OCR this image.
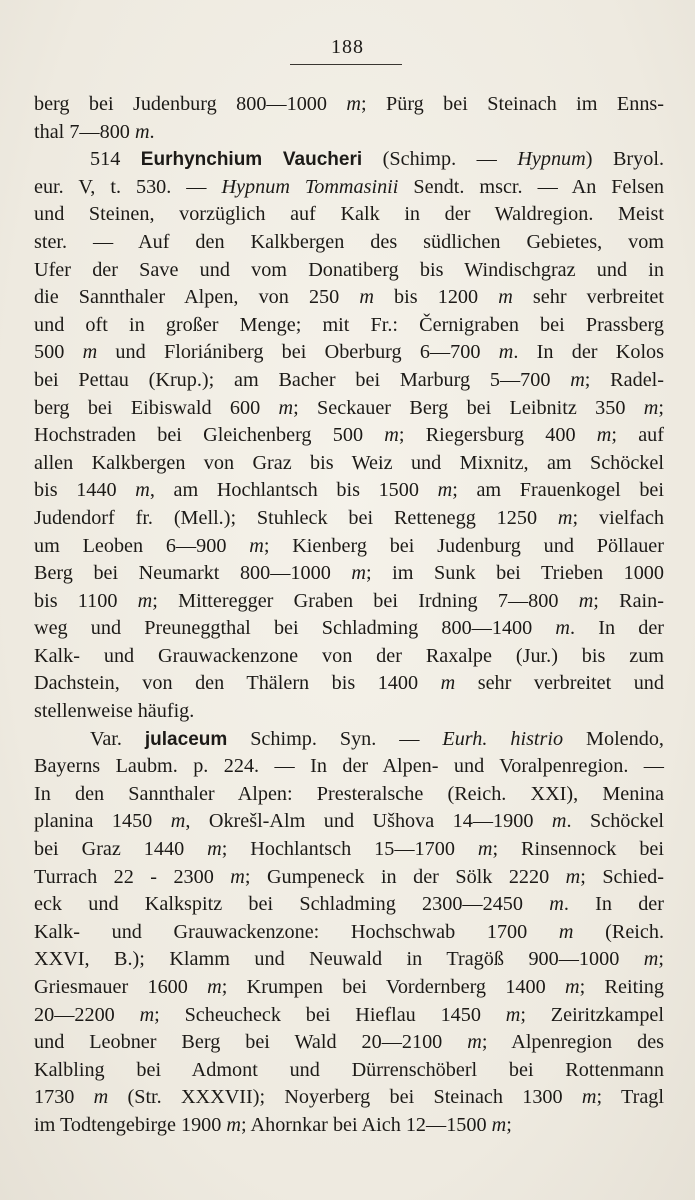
188
berg bei Judenburg 800—1000 m; Pürg bei Steinach im Enns-
thal 7—800 m.
514 Eurhynchium Vaucheri (Schimp. — Hypnum) Bryol.
eur. V, t. 530. — Hypnum Tommasinii Sendt. mscr. — An Felsen
und Steinen, vorzüglich auf Kalk in der Waldregion. Meist
ster. — Auf den Kalkbergen des südlichen Gebietes, vom
Ufer der Save und vom Donatiberg bis Windischgraz und in
die Sannthaler Alpen, von 250 m bis 1200 m sehr verbreitet
und oft in großer Menge; mit Fr.: Černigraben bei Prassberg
500 m und Floriániberg bei Oberburg 6—700 m. In der Kolos
bei Pettau (Krup.); am Bacher bei Marburg 5—700 m; Radel-
berg bei Eibiswald 600 m; Seckauer Berg bei Leibnitz 350 m;
Hochstraden bei Gleichenberg 500 m; Riegersburg 400 m; auf
allen Kalkbergen von Graz bis Weiz und Mixnitz, am Schöckel
bis 1440 m, am Hochlantsch bis 1500 m; am Frauenkogel bei
Judendorf fr. (Mell.); Stuhleck bei Rettenegg 1250 m; vielfach
um Leoben 6—900 m; Kienberg bei Judenburg und Pöllauer
Berg bei Neumarkt 800—1000 m; im Sunk bei Trieben 1000
bis 1100 m; Mitteregger Graben bei Irdning 7—800 m; Rain-
weg und Preuneggthal bei Schladming 800—1400 m. In der
Kalk- und Grauwackenzone von der Raxalpe (Jur.) bis zum
Dachstein, von den Thälern bis 1400 m sehr verbreitet und
stellenweise häufig.
Var. julaceum Schimp. Syn. — Eurh. histrio Molendo,
Bayerns Laubm. p. 224. — In der Alpen- und Voralpenregion. —
In den Sannthaler Alpen: Presteralsche (Reich. XXI), Menina
planina 1450 m, Okrešl-Alm und Ušhova 14—1900 m. Schöckel
bei Graz 1440 m; Hochlantsch 15—1700 m; Rinsennock bei
Turrach 22 - 2300 m; Gumpeneck in der Sölk 2220 m; Schied-
eck und Kalkspitz bei Schladming 2300—2450 m. In der
Kalk- und Grauwackenzone: Hochschwab 1700 m (Reich.
XXVI, B.); Klamm und Neuwald in Tragöß 900—1000 m;
Griesmauer 1600 m; Krumpen bei Vordernberg 1400 m; Reiting
20—2200 m; Scheucheck bei Hieflau 1450 m; Zeiritzkampel
und Leobner Berg bei Wald 20—2100 m; Alpenregion des
Kalbling bei Admont und Dürrenschöberl bei Rottenmann
1730 m (Str. XXXVII); Noyerberg bei Steinach 1300 m; Tragl
im Todtengebirge 1900 m; Ahornkar bei Aich 12—1500 m;
